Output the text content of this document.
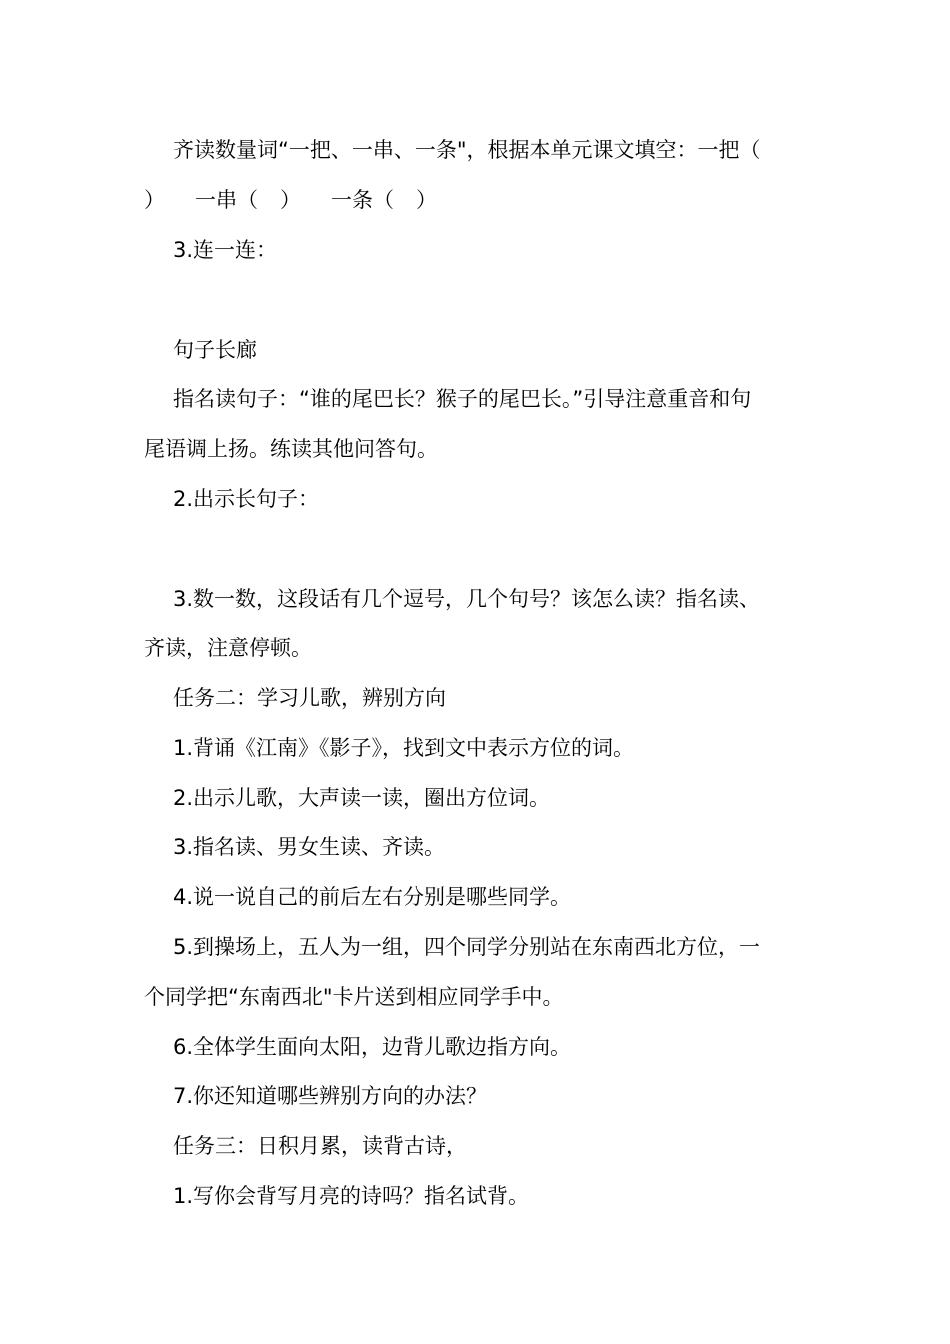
齐读数量词“一把、一串、一条"，根据本单元课文填空：一把（
） 一串（ ） 一条（ ）
3.连一连：
句子长廊
指名读句子：“谁的尾巴长？猴子的尾巴长。”引导注意重音和句
尾语调上扬。练读其他问答句。
2.出示长句子：
3.数一数，这段话有几个逗号，几个句号？该怎么读？指名读、
齐读，注意停顿。
任务二：学习儿歌，辨别方向
1.背诵《江南》《影子》，找到文中表示方位的词。
2.出示儿歌，大声读一读，圈出方位词。
3.指名读、男女生读、齐读。
4.说一说自己的前后左右分别是哪些同学。
5.到操场上，五人为一组，四个同学分别站在东南西北方位，一
个同学把“东南西北"卡片送到相应同学手中。
6.全体学生面向太阳，边背儿歌边指方向。
7.你还知道哪些辨别方向的办法？
任务三：日积月累，读背古诗，
1.写你会背写月亮的诗吗？指名试背。
